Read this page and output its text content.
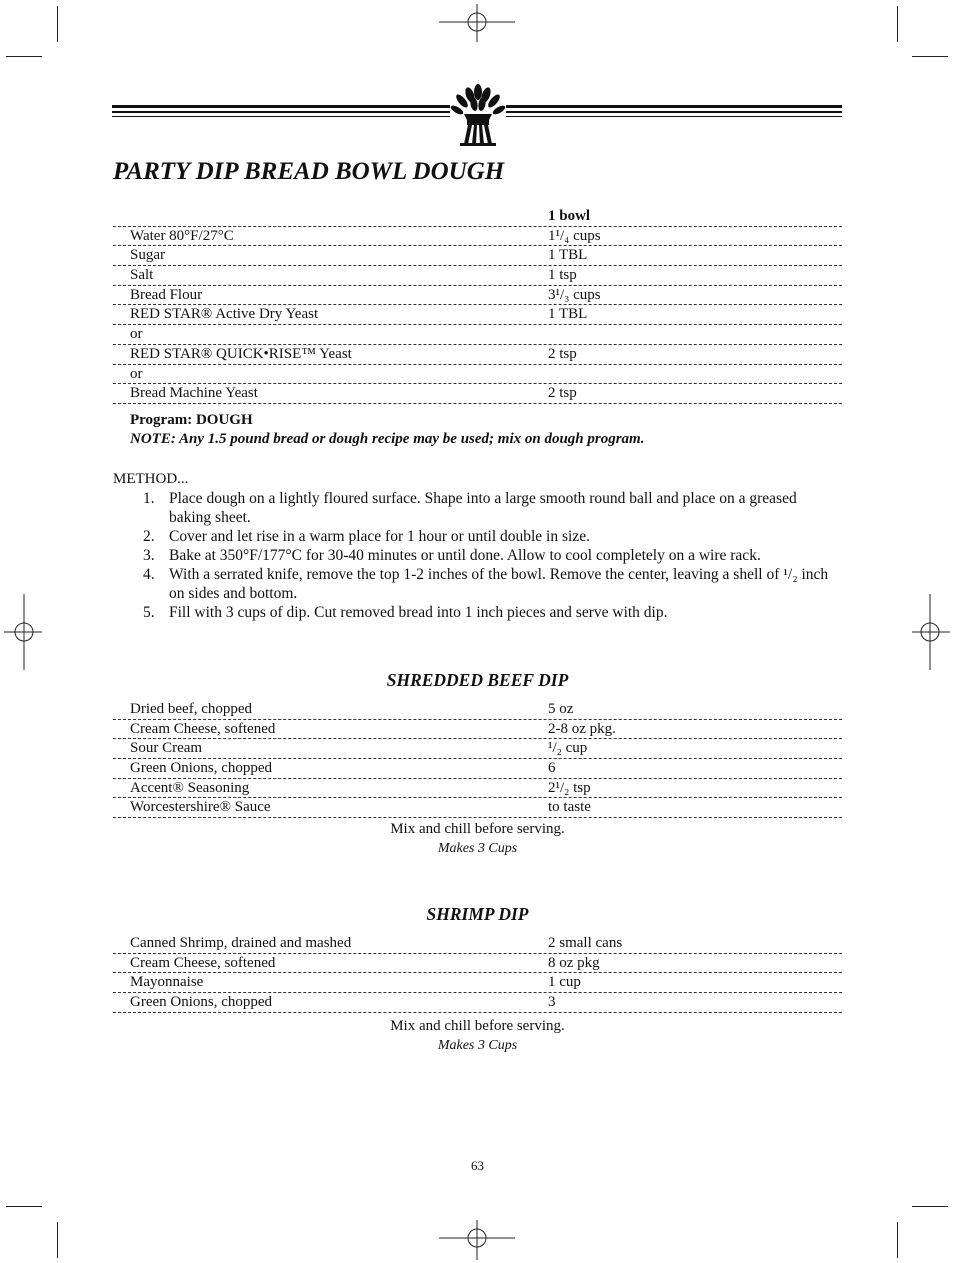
PARTY DIP BREAD BOWL DOUGH
1 bowl
Water 80°F/27°C	1¹/₄ cups
Sugar	1 TBL
Salt	1 tsp
Bread Flour	3¹/₃ cups
RED STAR® Active Dry Yeast	1 TBL
or
RED STAR® QUICK•RISE™ Yeast	2 tsp
or
Bread Machine Yeast	2 tsp
Program: DOUGH
NOTE: Any 1.5 pound bread or dough recipe may be used; mix on dough program.
METHOD...
1. Place dough on a lightly floured surface. Shape into a large smooth round ball and place on a greased baking sheet.
2. Cover and let rise in a warm place for 1 hour or until double in size.
3. Bake at 350°F/177°C for 30-40 minutes or until done. Allow to cool completely on a wire rack.
4. With a serrated knife, remove the top 1-2 inches of the bowl. Remove the center, leaving a shell of ¹/₂ inch on sides and bottom.
5. Fill with 3 cups of dip. Cut removed bread into 1 inch pieces and serve with dip.
SHREDDED BEEF DIP
Dried beef, chopped	5 oz
Cream Cheese, softened	2-8 oz pkg.
Sour Cream	¹/₂ cup
Green Onions, chopped	6
Accent® Seasoning	2¹/₂ tsp
Worcestershire® Sauce	to taste
Mix and chill before serving.
Makes 3 Cups
SHRIMP DIP
Canned Shrimp, drained and mashed	2 small cans
Cream Cheese, softened	8 oz pkg
Mayonnaise	1 cup
Green Onions, chopped	3
Mix and chill before serving.
Makes 3 Cups
63
